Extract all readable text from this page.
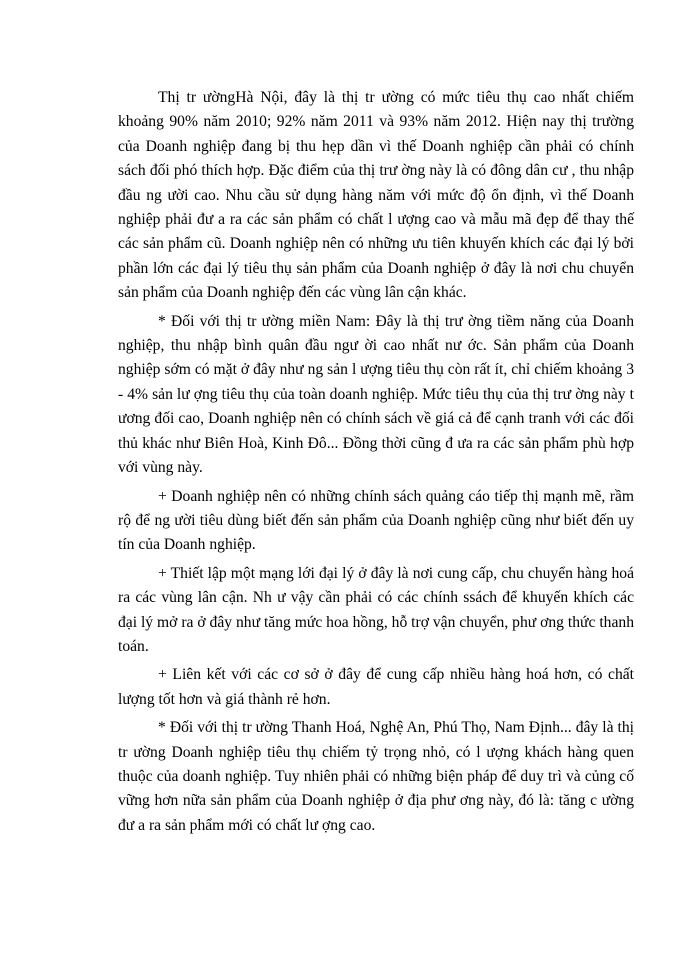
Thị tr ườngHà Nội, đây là thị tr ường có mức tiêu thụ cao nhất chiếm khoảng 90% năm 2010; 92% năm 2011 và 93% năm 2012. Hiện nay thị trường của Doanh nghiệp đang bị thu hẹp dần vì thế Doanh nghiệp cần phải có chính sách đối phó thích hợp. Đặc điểm của thị trư ờng này là có đông dân cư , thu nhập đầu ng ười cao. Nhu cầu sử dụng hàng năm với mức độ ổn định, vì thế Doanh nghiệp phải đư a ra các sản phẩm có chất l ượng cao và mẫu mã đẹp để thay thế các sản phẩm cũ. Doanh nghiệp nên có những ưu tiên khuyến khích các đại lý bởi phần lớn các đại lý tiêu thụ sản phẩm của Doanh nghiệp ở đây là nơi chu chuyển sản phẩm của Doanh nghiệp đến các vùng lân cận khác.

* Đối với thị tr ường miền Nam: Đây là thị trư ờng tiềm năng của Doanh nghiệp, thu nhập bình quân đầu ngư ời cao nhất nư ớc. Sản phẩm của Doanh nghiệp sớm có mặt ở đây như ng sản l ượng tiêu thụ còn rất ít, chỉ chiếm khoảng 3 - 4% sản lư ợng tiêu thụ của toàn doanh nghiệp. Mức tiêu thụ của thị trư ờng này t ương đối cao, Doanh nghiệp nên có chính sách về giá cả để cạnh tranh với các đối thủ khác như Biên Hoà, Kinh Đô... Đồng thời cũng đ ưa ra các sản phẩm phù hợp với vùng này.

+ Doanh nghiệp nên có những chính sách quảng cáo tiếp thị mạnh mẽ, rầm rộ để ng ười tiêu dùng biết đến sản phẩm của Doanh nghiệp cũng như biết đến uy tín của Doanh nghiệp.

+ Thiết lập một mạng lới đại lý ở đây là nơi cung cấp, chu chuyển hàng hoá ra các vùng lân cận. Nh ư vậy cần phải có các chính ssách để khuyến khích các đại lý mở ra ở đây như tăng mức hoa hồng, hỗ trợ vận chuyển, phư ơng thức thanh toán.

+ Liên kết với các cơ sở ở đây để cung cấp nhiều hàng hoá hơn, có chất lượng tốt hơn và giá thành rẻ hơn.

* Đối với thị tr ường Thanh Hoá, Nghệ An, Phú Thọ, Nam Định... đây là thị tr ường Doanh nghiệp tiêu thụ chiếm tỷ trọng nhỏ, có l ượng khách hàng quen thuộc của doanh nghiệp. Tuy nhiên phải có những biện pháp để duy trì và củng cố vững hơn nữa sản phẩm của Doanh nghiệp ở địa phư ơng này, đó là: tăng c ường đư a ra sản phẩm mới có chất lư ợng cao.
